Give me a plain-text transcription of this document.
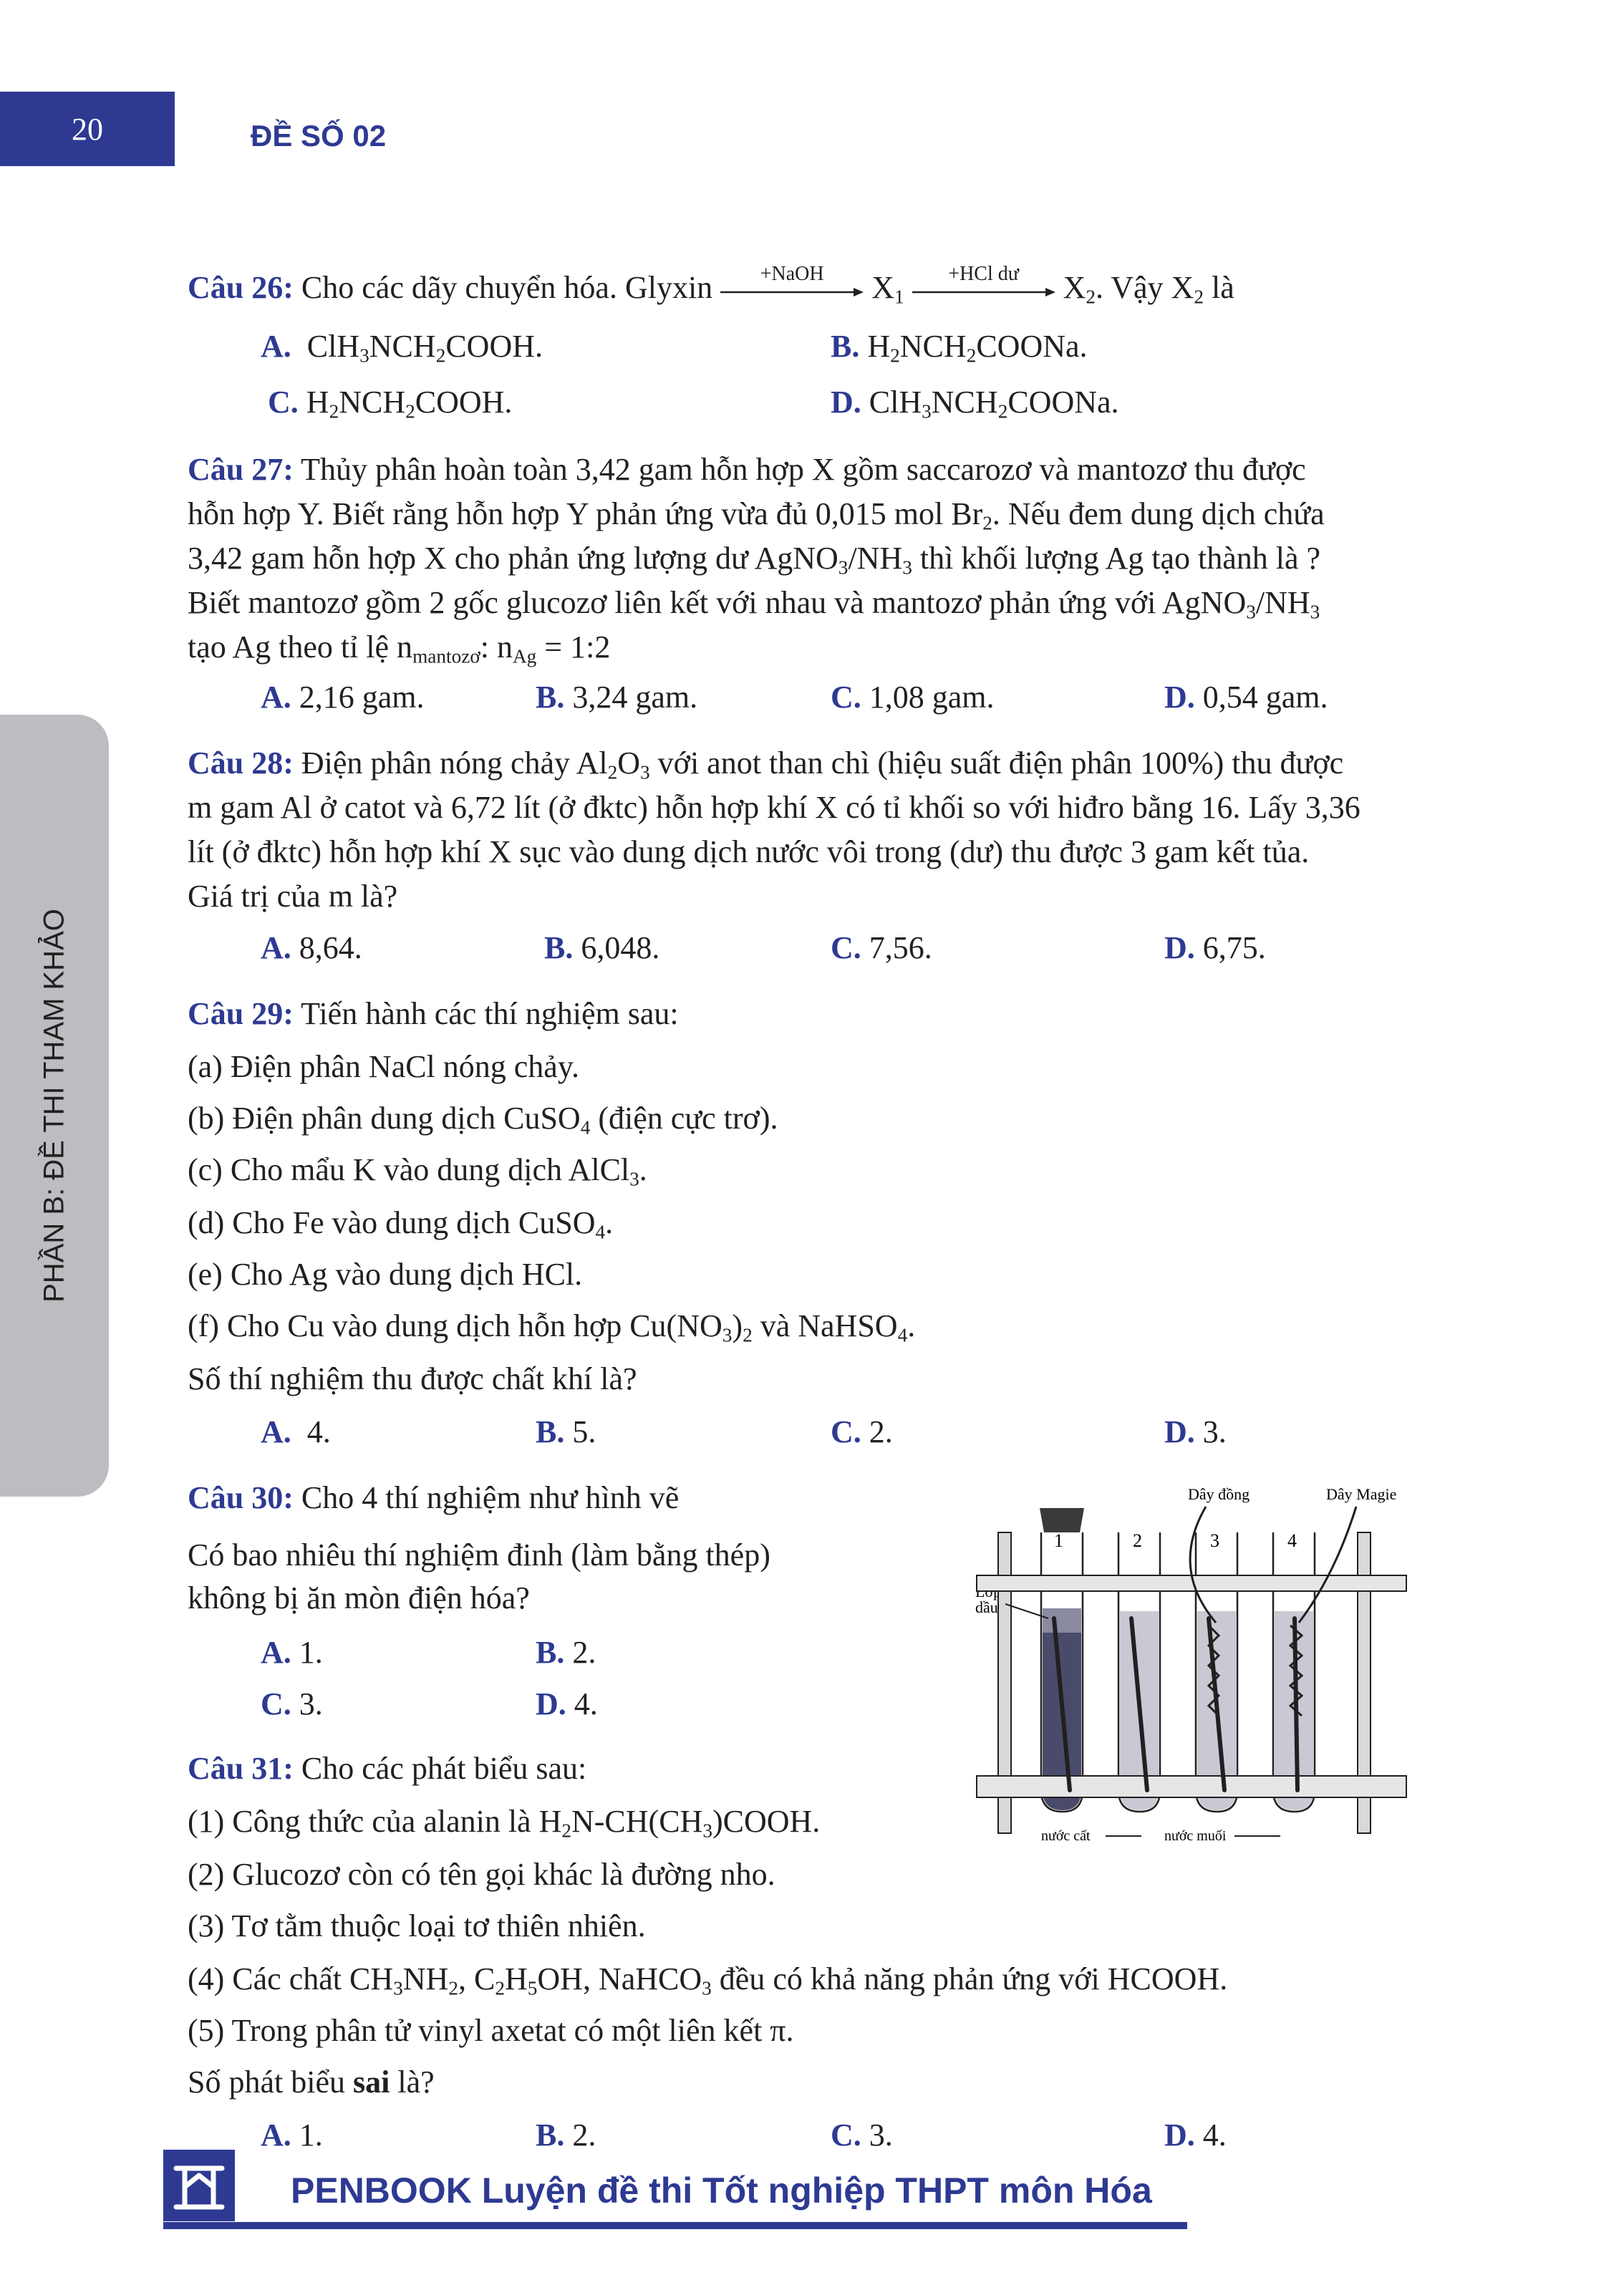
20	ĐỀ SỐ 02
PHẦN B: ĐỀ THI THAM KHẢO
Câu 26: Cho các dãy chuyển hóa. Glyxin	+NaOH	$X_1$
+HCl dư	$X_2$. Vậy $X_2$ là
A.  $ClH_3NCH_2COOH$.	B. $H_2NCH_2COONa$.
C. $H_2NCH_2COOH$.	D. $ClH_3NCH_2COONa$.
Câu 27: Thủy phân hoàn toàn 3,42 gam hỗn hợp X gồm saccarozơ và mantozơ thu được
hỗn hợp Y. Biết rằng hỗn hợp Y phản ứng vừa đủ 0,015 mol $Br_2$. Nếu đem dung dịch chứa
3,42 gam hỗn hợp X cho phản ứng lượng dư $AgNO_3/NH_3$ thì khối lượng Ag tạo thành là ?
Biết mantozơ gồm 2 gốc glucozơ liên kết với nhau và mantozơ phản ứng với $AgNO_3/NH_3$
tạo Ag theo tỉ lệ $n_{mantozơ}$: $n_{Ag}$ = 1:2
A. 2,16 gam.	B. 3,24 gam.	C. 1,08 gam.	D. 0,54 gam.
Câu 28: Điện phân nóng chảy $Al_2O_3$ với anot than chì (hiệu suất điện phân 100%) thu được
m gam Al ở catot và 6,72 lít (ở đktc) hỗn hợp khí X có tỉ khối so với hiđro bằng 16. Lấy 3,36
lít (ở đktc) hỗn hợp khí X sục vào dung dịch nước vôi trong (dư) thu được 3 gam kết tủa.
Giá trị của m là?
A. 8,64.	B. 6,048.	C. 7,56.	D. 6,75.
Câu 29: Tiến hành các thí nghiệm sau:
(a) Điện phân NaCl nóng chảy.
(b) Điện phân dung dịch CuSO$_4$ (điện cực trơ).
(c) Cho mẩu K vào dung dịch AlCl$_3$.
(d) Cho Fe vào dung dịch CuSO$_4$.
(e) Cho Ag vào dung dịch HCl.
(f) Cho Cu vào dung dịch hỗn hợp $Cu(NO_3)_2$ và NaHSO$_4$.
Số thí nghiệm thu được chất khí là?
A. 4.	B. 5.	C. 2.	D. 3.
Câu 30: Cho 4 thí nghiệm như hình vẽ
Có bao nhiêu thí nghiệm đinh (làm bằng thép)
không bị ăn mòn điện hóa?
A. 1.	B. 2.
C. 3.	D. 4.
Dây đồng	Dây Magie
dầu
1	2	3	4
nước cất	nước muối
Câu 31: Cho các phát biểu sau:
(1) Công thức của alanin là $H_2N-CH(CH_3)COOH$.
(2) Glucozơ còn có tên gọi khác là đường nho.
(3) Tơ tằm thuộc loại tơ thiên nhiên.
(4) Các chất $CH_3NH_2$, $C_2H_5OH$, NaHCO$_3$ đều có khả năng phản ứng với HCOOH.
(5) Trong phân tử vinyl axetat có một liên kết π.
Số phát biểu sai là?
A. 1.	B. 2.	C. 3.	D. 4.
PENBOOK Luyện đề thi Tốt nghiệp THPT môn Hóa
